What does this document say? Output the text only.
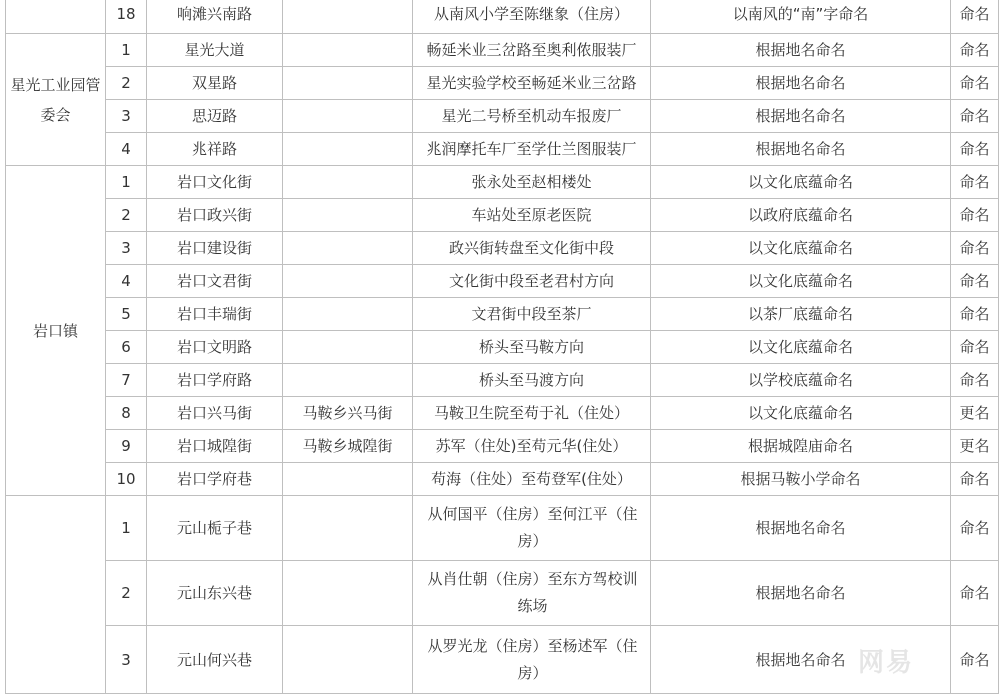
	18	响滩兴南路		从南风小学至陈继象（住房）	以南风的“南”字命名	命名
星光工业园管委会	1	星光大道		畅延米业三岔路至奥利侬服装厂	根据地名命名	命名
	2	双星路		星光实验学校至畅延米业三岔路	根据地名命名	命名
	3	思迈路		星光二号桥至机动车报废厂	根据地名命名	命名
	4	兆祥路		兆润摩托车厂至学仕兰图服装厂	根据地名命名	命名
岩口镇	1	岩口文化街		张永处至赵相楼处	以文化底蕴命名	命名
	2	岩口政兴街		车站处至原老医院	以政府底蕴命名	命名
	3	岩口建设街		政兴街转盘至文化街中段	以文化底蕴命名	命名
	4	岩口文君街		文化街中段至老君村方向	以文化底蕴命名	命名
	5	岩口丰瑞街		文君街中段至茶厂	以茶厂底蕴命名	命名
	6	岩口文明路		桥头至马鞍方向	以文化底蕴命名	命名
	7	岩口学府路		桥头至马渡方向	以学校底蕴命名	命名
	8	岩口兴马街	马鞍乡兴马街	马鞍卫生院至苟于礼（住处）	以文化底蕴命名	更名
	9	岩口城隍街	马鞍乡城隍街	苏军（住处)至苟元华(住处）	根据城隍庙命名	更名
	10	岩口学府巷		苟海（住处）至苟登军(住处）	根据马鞍小学命名	命名
	1	元山栀子巷		从何国平（住房）至何江平（住房）	根据地名命名	命名
	2	元山东兴巷		从肖仕朝（住房）至东方驾校训练场	根据地名命名	命名
	3	元山何兴巷		从罗光龙（住房）至杨述军（住房）	根据地名命名	命名
网易
